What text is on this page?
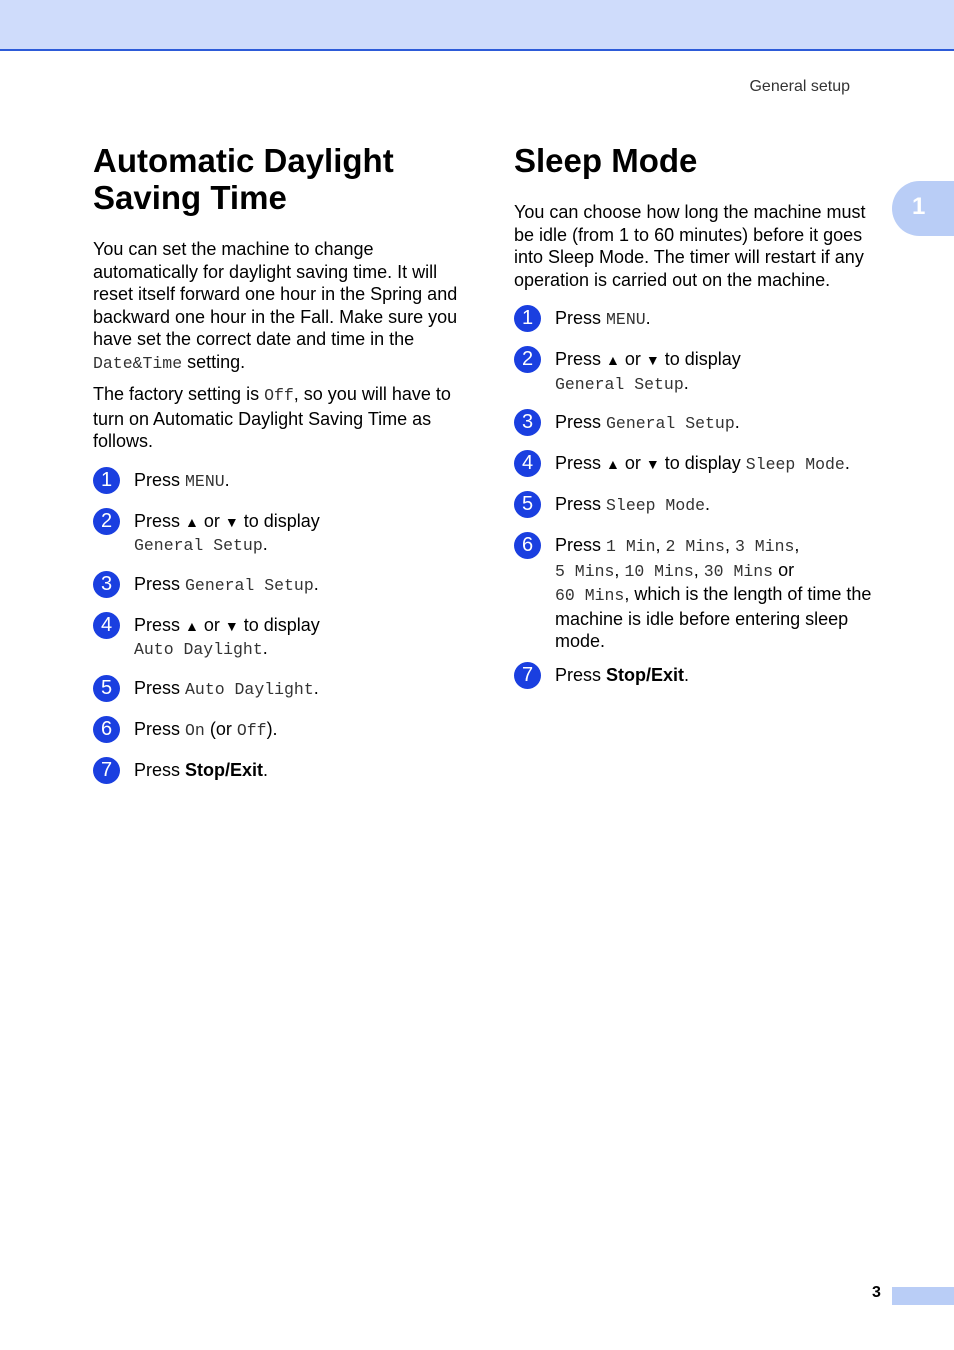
General setup
1
Automatic Daylight
Saving Time

You can set the machine to change automatically for daylight saving time. It will reset itself forward one hour in the Spring and backward one hour in the Fall. Make sure you have set the correct date and time in the
Date&Time setting.

The factory setting is Off, so you will have to turn on Automatic Daylight Saving Time as follows.

1	Press MENU.
2	Press ▲ or ▼ to display
General Setup.
3	Press General Setup.
4	Press ▲ or ▼ to display
Auto Daylight.
5	Press Auto Daylight.
6	Press On (or Off).
7	Press Stop/Exit.
Sleep Mode

You can choose how long the machine must be idle (from 1 to 60 minutes) before it goes into Sleep Mode. The timer will restart if any operation is carried out on the machine.

1	Press MENU.
2	Press ▲ or ▼ to display
General Setup.
3	Press General Setup.
4	Press ▲ or ▼ to display Sleep Mode.
5	Press Sleep Mode.
6	Press 1 Min, 2 Mins, 3 Mins,
5 Mins, 10 Mins, 30 Mins or
60 Mins, which is the length of time the machine is idle before entering sleep mode.
7	Press Stop/Exit.
3
